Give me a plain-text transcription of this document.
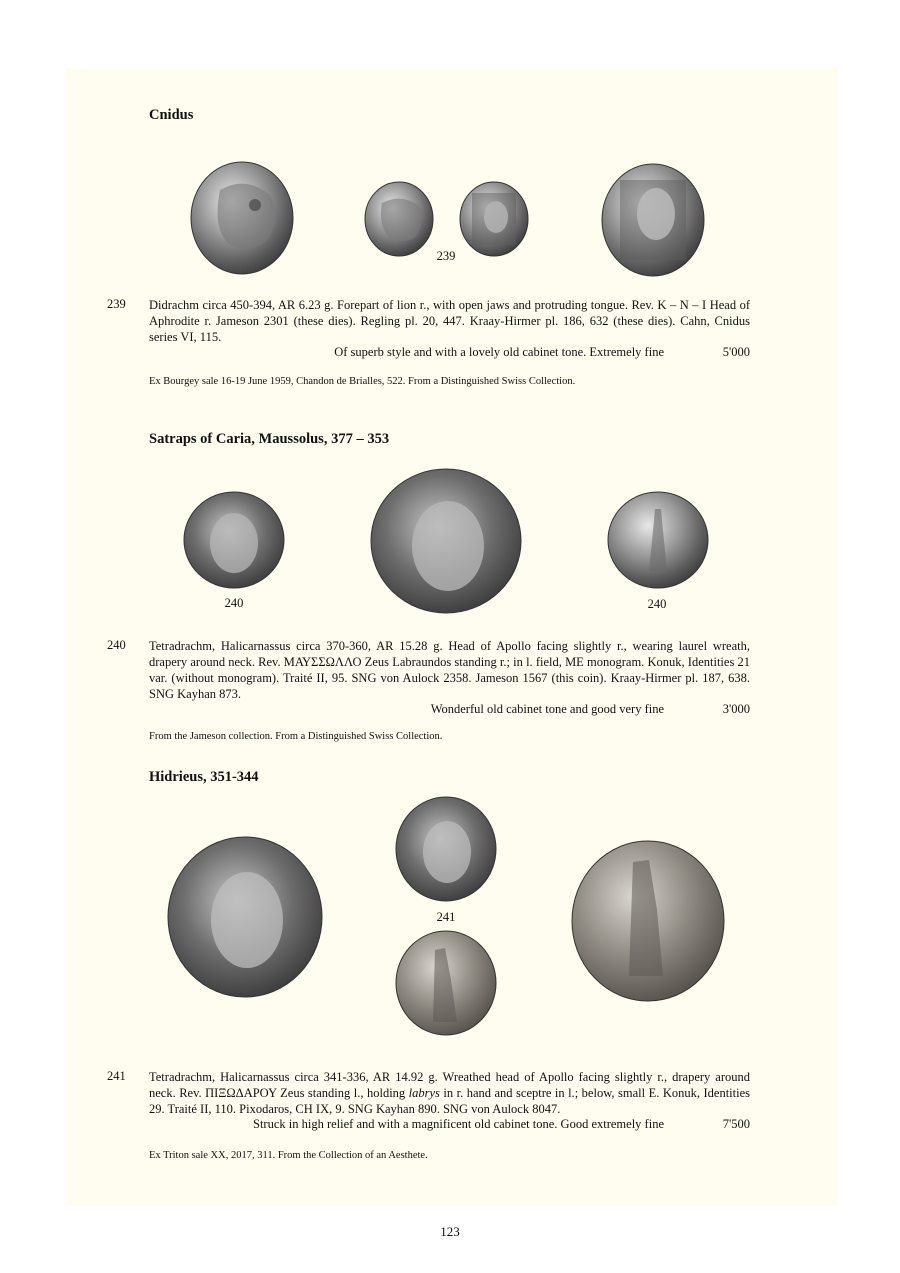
Cnidus
239
239 Didrachm circa 450-394, AR 6.23 g. Forepart of lion r., with open jaws and protruding tongue. Rev. K – N – I Head of Aphrodite r. Jameson 2301 (these dies). Regling pl. 20, 447. Kraay-Hirmer pl. 186, 632 (these dies). Cahn, Cnidus series VI, 115.
Of superb style and with a lovely old cabinet tone. Extremely fine	5'000
Ex Bourgey sale 16-19 June 1959, Chandon de Brialles, 522. From a Distinguished Swiss Collection.
Satraps of Caria, Maussolus, 377 – 353
240	240
240 Tetradrachm, Halicarnassus circa 370-360, AR 15.28 g. Head of Apollo facing slightly r., wearing laurel wreath, drapery around neck. Rev. ΜΑΥΣΣΩΛΛΟ Zeus Labraundos standing r.; in l. field, ME monogram. Konuk, Identities 21 var. (without monogram). Traité II, 95. SNG von Aulock 2358. Jameson 1567 (this coin). Kraay-Hirmer pl. 187, 638. SNG Kayhan 873.
Wonderful old cabinet tone and good very fine	3'000
From the Jameson collection. From a Distinguished Swiss Collection.
Hidrieus, 351-344
241
241 Tetradrachm, Halicarnassus circa 341-336, AR 14.92 g. Wreathed head of Apollo facing slightly r., drapery around neck. Rev. ΠΙΞΩΔΑΡΟΥ Zeus standing l., holding labrys in r. hand and sceptre in l.; below, small E. Konuk, Identities 29. Traité II, 110. Pixodaros, CH IX, 9. SNG Kayhan 890. SNG von Aulock 8047.
Struck in high relief and with a magnificent old cabinet tone. Good extremely fine	7'500
Ex Triton sale XX, 2017, 311. From the Collection of an Aesthete.
123
